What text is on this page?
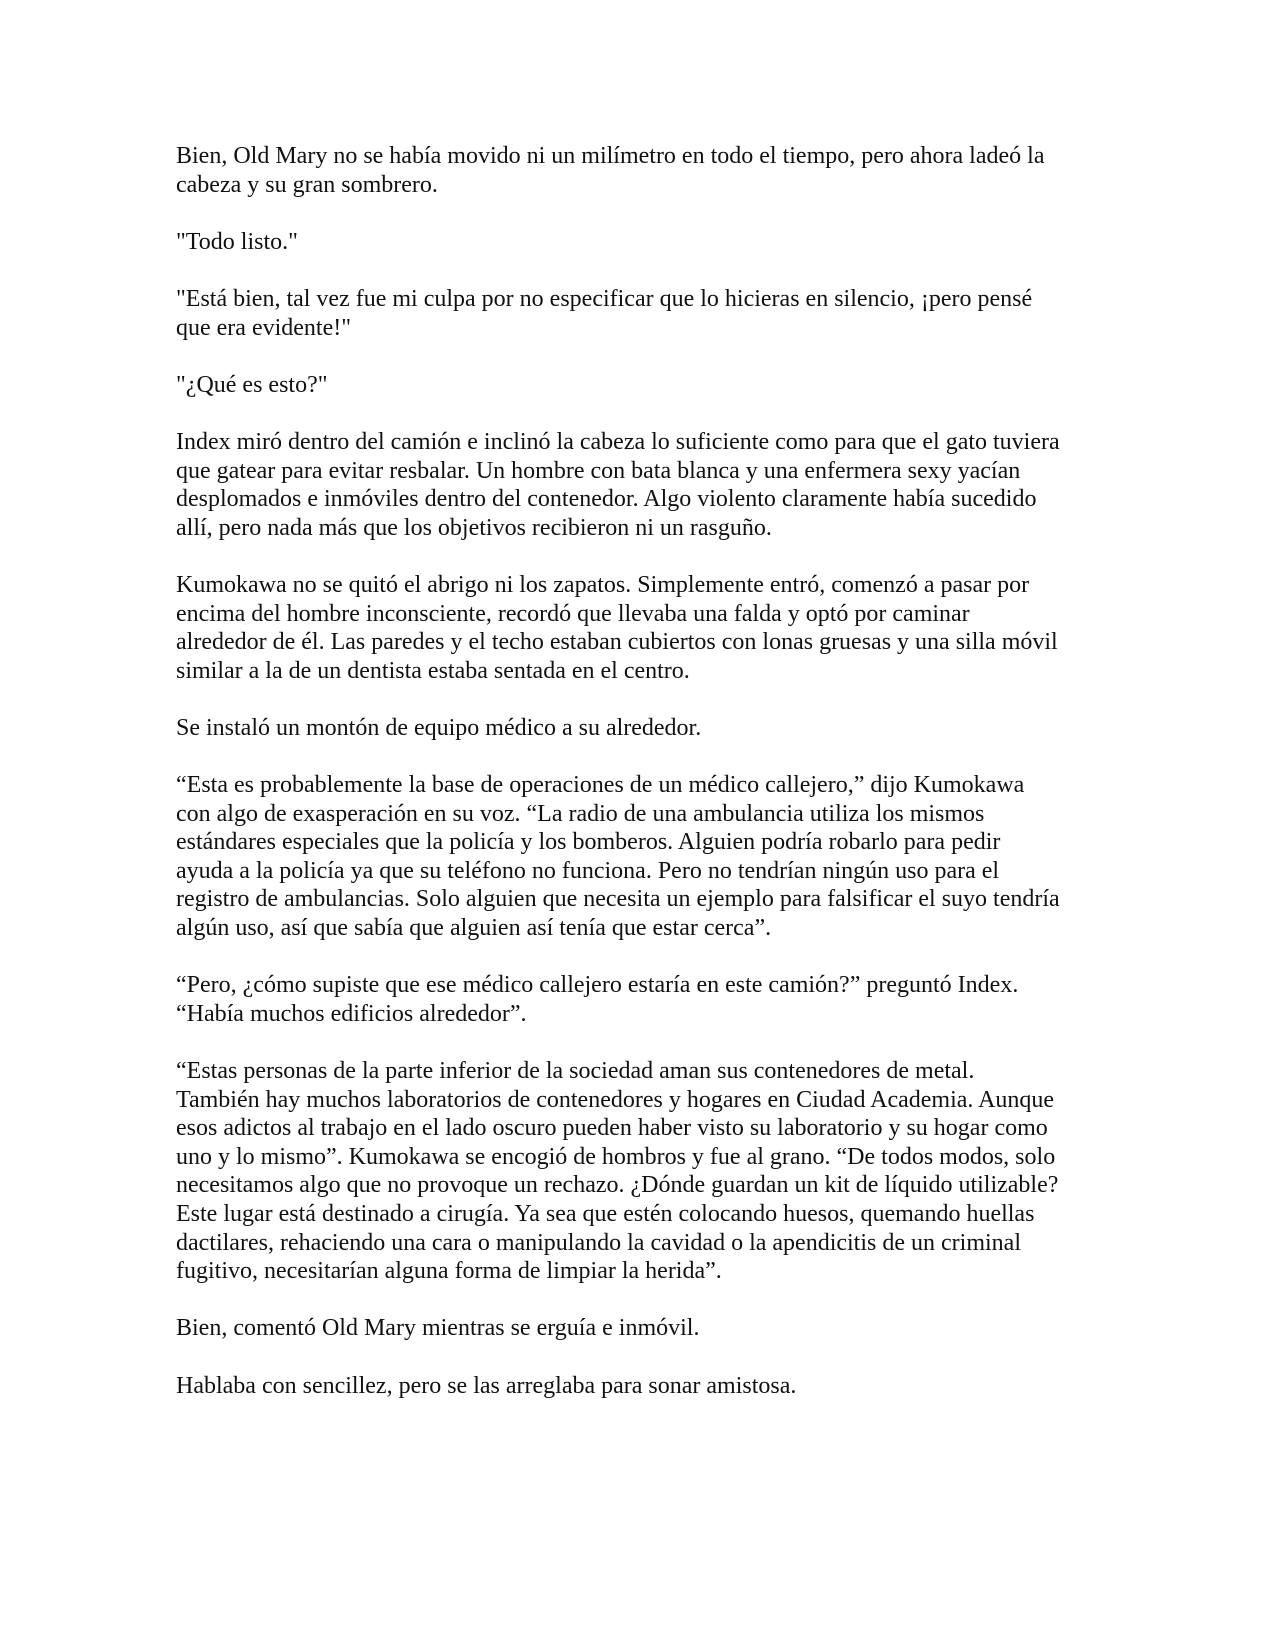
Bien, Old Mary no se había movido ni un milímetro en todo el tiempo, pero ahora ladeó la
cabeza y su gran sombrero.

"Todo listo."

"Está bien, tal vez fue mi culpa por no especificar que lo hicieras en silencio, ¡pero pensé
que era evidente!"

"¿Qué es esto?"

Index miró dentro del camión e inclinó la cabeza lo suficiente como para que el gato tuviera
que gatear para evitar resbalar. Un hombre con bata blanca y una enfermera sexy yacían
desplomados e inmóviles dentro del contenedor. Algo violento claramente había sucedido
allí, pero nada más que los objetivos recibieron ni un rasguño.

Kumokawa no se quitó el abrigo ni los zapatos. Simplemente entró, comenzó a pasar por
encima del hombre inconsciente, recordó que llevaba una falda y optó por caminar
alrededor de él. Las paredes y el techo estaban cubiertos con lonas gruesas y una silla móvil
similar a la de un dentista estaba sentada en el centro.

Se instaló un montón de equipo médico a su alrededor.

“Esta es probablemente la base de operaciones de un médico callejero,” dijo Kumokawa
con algo de exasperación en su voz. “La radio de una ambulancia utiliza los mismos
estándares especiales que la policía y los bomberos. Alguien podría robarlo para pedir
ayuda a la policía ya que su teléfono no funciona. Pero no tendrían ningún uso para el
registro de ambulancias. Solo alguien que necesita un ejemplo para falsificar el suyo tendría
algún uso, así que sabía que alguien así tenía que estar cerca”.

“Pero, ¿cómo supiste que ese médico callejero estaría en este camión?” preguntó Index.
“Había muchos edificios alrededor”.

“Estas personas de la parte inferior de la sociedad aman sus contenedores de metal.
También hay muchos laboratorios de contenedores y hogares en Ciudad Academia. Aunque
esos adictos al trabajo en el lado oscuro pueden haber visto su laboratorio y su hogar como
uno y lo mismo”. Kumokawa se encogió de hombros y fue al grano. “De todos modos, solo
necesitamos algo que no provoque un rechazo. ¿Dónde guardan un kit de líquido utilizable?
Este lugar está destinado a cirugía. Ya sea que estén colocando huesos, quemando huellas
dactilares, rehaciendo una cara o manipulando la cavidad o la apendicitis de un criminal
fugitivo, necesitarían alguna forma de limpiar la herida”.

Bien, comentó Old Mary mientras se erguía e inmóvil.

Hablaba con sencillez, pero se las arreglaba para sonar amistosa.
